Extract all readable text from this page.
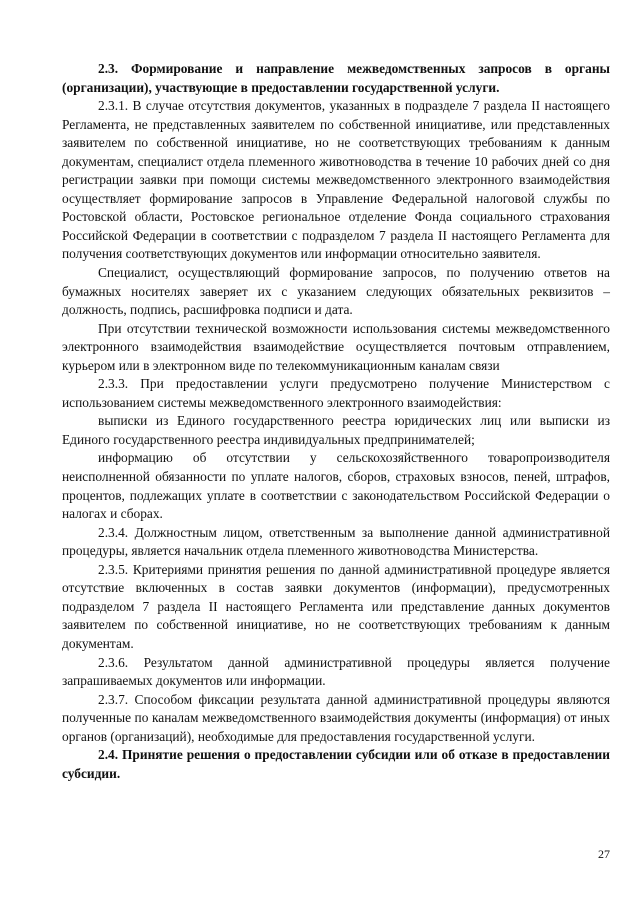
2.3. Формирование и направление межведомственных запросов в органы (организации), участвующие в предоставлении государственной услуги.

2.3.1. В случае отсутствия документов, указанных в подразделе 7 раздела II настоящего Регламента, не представленных заявителем по собственной инициативе, или представленных заявителем по собственной инициативе, но не соответствующих требованиям к данным документам, специалист отдела племенного животноводства в течение 10 рабочих дней со дня регистрации заявки при помощи системы межведомственного электронного взаимодействия осуществляет формирование запросов в Управление Федеральной налоговой службы по Ростовской области, Ростовское региональное отделение Фонда социального страхования Российской Федерации в соответствии с подразделом 7 раздела II настоящего Регламента для получения соответствующих документов или информации относительно заявителя.

Специалист, осуществляющий формирование запросов, по получению ответов на бумажных носителях заверяет их с указанием следующих обязательных реквизитов – должность, подпись, расшифровка подписи и дата.

При отсутствии технической возможности использования системы межведомственного электронного взаимодействия взаимодействие осуществляется почтовым отправлением, курьером или в электронном виде по телекоммуникационным каналам связи

2.3.3. При предоставлении услуги предусмотрено получение Министерством с использованием системы межведомственного электронного взаимодействия:

выписки из Единого государственного реестра юридических лиц или выписки из Единого государственного реестра индивидуальных предпринимателей;

информацию об отсутствии у сельскохозяйственного товаропроизводителя неисполненной обязанности по уплате налогов, сборов, страховых взносов, пеней, штрафов, процентов, подлежащих уплате в соответствии с законодательством Российской Федерации о налогах и сборах.

2.3.4. Должностным лицом, ответственным за выполнение данной административной процедуры, является начальник отдела племенного животноводства Министерства.

2.3.5. Критериями принятия решения по данной административной процедуре является отсутствие включенных в состав заявки документов (информации), предусмотренных подразделом 7 раздела II настоящего Регламента или представление данных документов заявителем по собственной инициативе, но не соответствующих требованиям к данным документам.

2.3.6. Результатом данной административной процедуры является получение запрашиваемых документов или информации.

2.3.7. Способом фиксации результата данной административной процедуры являются полученные по каналам межведомственного взаимодействия документы (информация) от иных органов (организаций), необходимые для предоставления государственной услуги.

2.4. Принятие решения о предоставлении субсидии или об отказе в предоставлении субсидии.

27
